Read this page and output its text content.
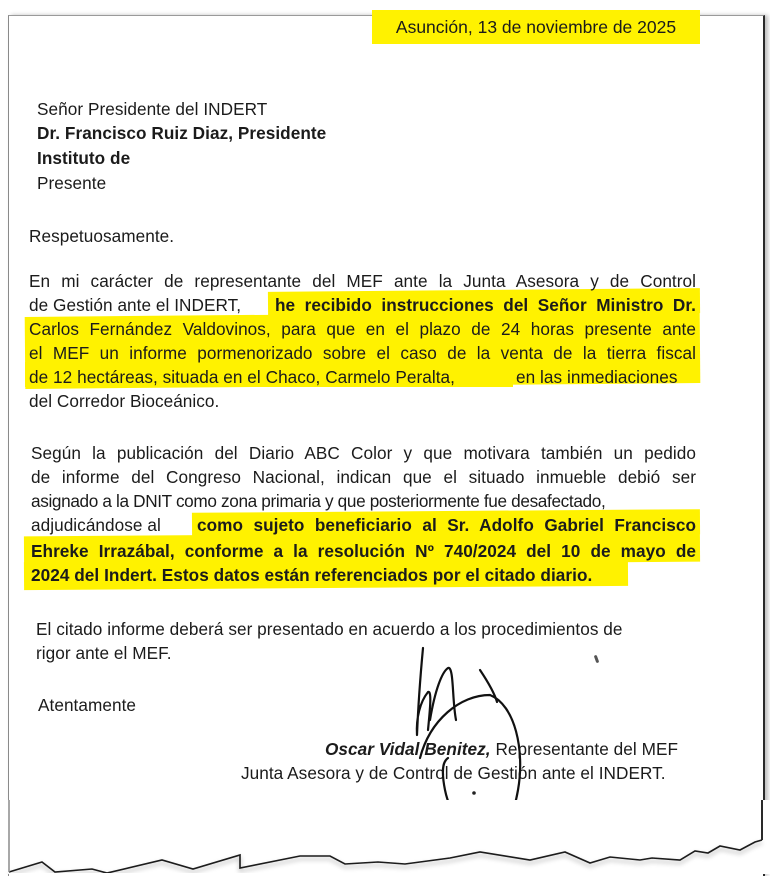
Asunción, 13 de noviembre de 2025
Señor Presidente del INDERT
Dr. Francisco Ruiz Diaz, Presidente
Instituto de
Presente
Respetuosamente.
En mi carácter de representante del MEF ante la Junta Asesora y de Control
de Gestión ante el INDERT, he recibido instrucciones del Señor Ministro Dr.
Carlos Fernández Valdovinos, para que en el plazo de 24 horas presente ante
el MEF un informe pormenorizado sobre el caso de la venta de la tierra fiscal
de 12 hectáreas, situada en el Chaco, Carmelo Peralta,	en las inmediaciones
del Corredor Bioceánico.
Según la publicación del Diario ABC Color y que motivara también un pedido
de informe del Congreso Nacional, indican que el situado inmueble debió ser
asignado a la DNIT como zona primaria y que posteriormente fue desafectado,
adjudicándose al como sujeto beneficiario al Sr. Adolfo Gabriel Francisco
Ehreke Irrazábal, conforme a la resolución Nº 740/2024 del 10 de mayo de
2024 del Indert. Estos datos están referenciados por el citado diario.
El citado informe deberá ser presentado en acuerdo a los procedimientos de
rigor ante el MEF.
Atentamente
Oscar Vidal Benitez, Representante del MEF
Junta Asesora y de Control de Gestión ante el INDERT.
